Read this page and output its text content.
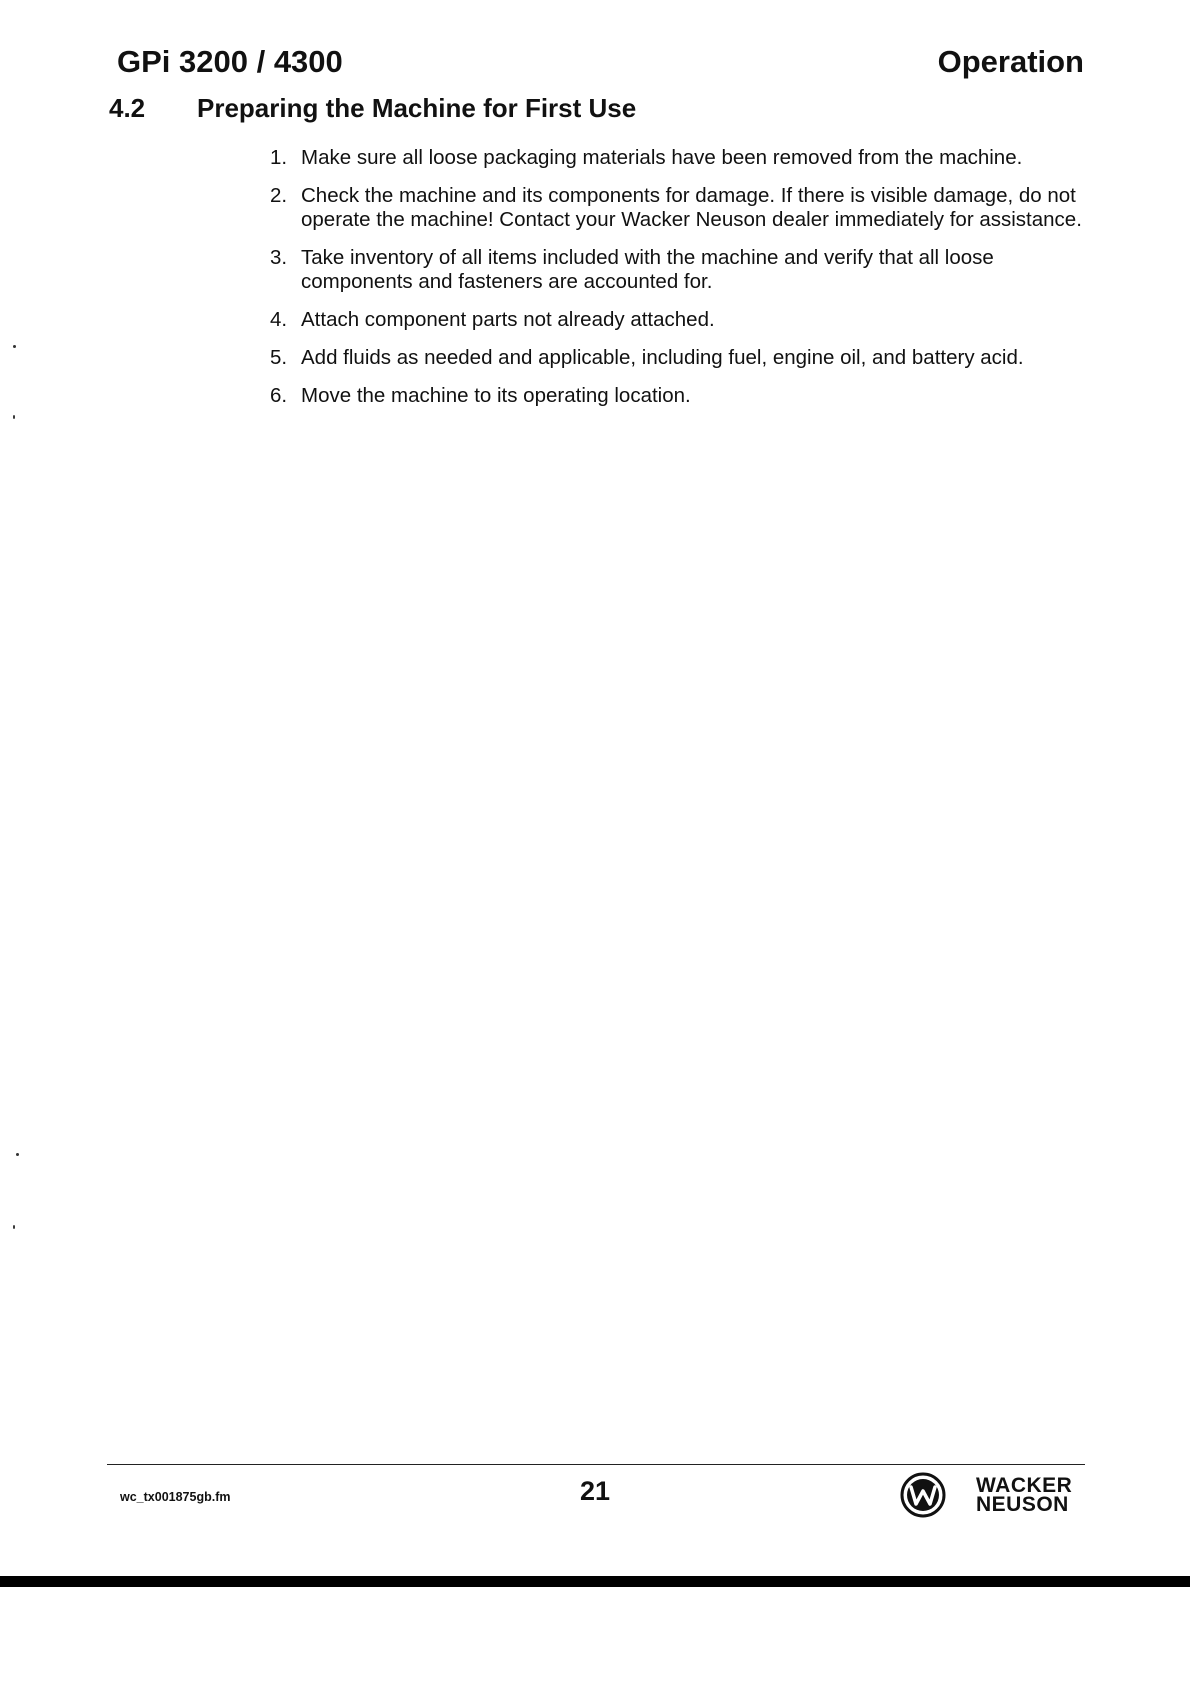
GPi 3200 / 4300	Operation
4.2	Preparing the Machine for First Use
1. Make sure all loose packaging materials have been removed from the machine.
2. Check the machine and its components for damage. If there is visible damage, do not operate the machine! Contact your Wacker Neuson dealer immediately for assistance.
3. Take inventory of all items included with the machine and verify that all loose components and fasteners are accounted for.
4. Attach component parts not already attached.
5. Add fluids as needed and applicable, including fuel, engine oil, and battery acid.
6. Move the machine to its operating location.
wc_tx001875gb.fm	21	WACKER
NEUSON
